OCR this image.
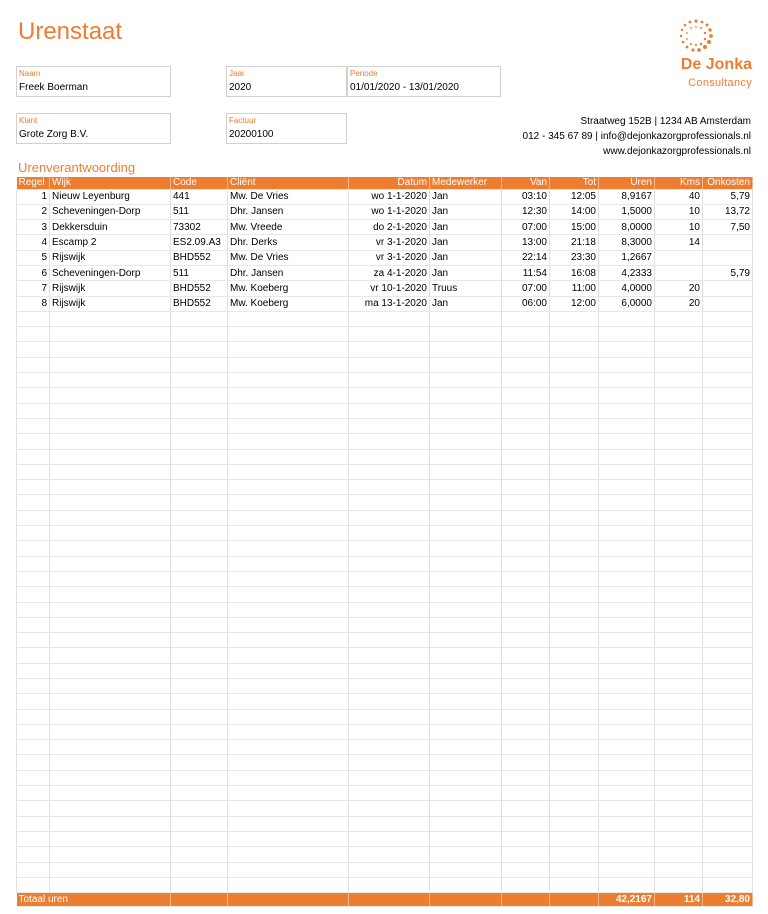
Urenstaat
De Jonka
Consultancy
Naam
Freek Boerman
Jaar
2020
Periode
01/01/2020 - 13/01/2020
Klant
Grote Zorg B.V.
Factuur
20200100
Straatweg 152B | 1234 AB Amsterdam
012 - 345 67 89 | info@dejonkazorgprofessionals.nl
www.dejonkazorgprofessionals.nl
Urenverantwoording
Regel	Wijk	Code	Cliënt	Datum	Medewerker	Van	Tot	Uren	Kms	Onkosten
1	Nieuw Leyenburg	441	Mw. De Vries	wo 1-1-2020	Jan	03:10	12:05	8,9167	40	5,79
2	Scheveningen-Dorp	511	Dhr. Jansen	wo 1-1-2020	Jan	12:30	14:00	1,5000	10	13,72
3	Dekkersduin	73302	Mw. Vreede	do 2-1-2020	Jan	07:00	15:00	8,0000	10	7,50
4	Escamp 2	ES2.09.A3	Dhr. Derks	vr 3-1-2020	Jan	13:00	21:18	8,3000	14	
5	Rijswijk	BHD552	Mw. De Vries	vr 3-1-2020	Jan	22:14	23:30	1,2667		
6	Scheveningen-Dorp	511	Dhr. Jansen	za 4-1-2020	Jan	11:54	16:08	4,2333		5,79
7	Rijswijk	BHD552	Mw. Koeberg	vr 10-1-2020	Truus	07:00	11:00	4,0000	20	
8	Rijswijk	BHD552	Mw. Koeberg	ma 13-1-2020	Jan	06:00	12:00	6,0000	20	

Totaal uren								42,2167	114	32,80
